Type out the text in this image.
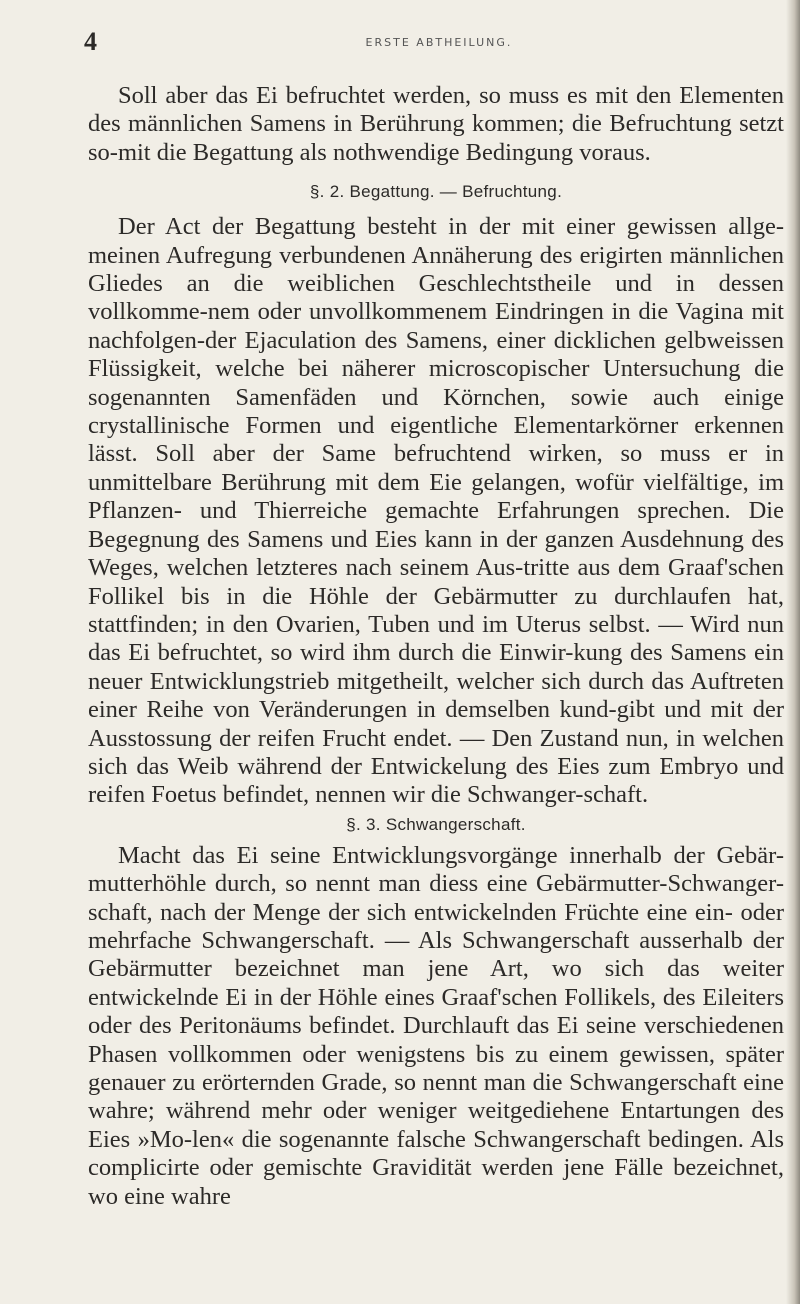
4	ERSTE ABTHEILUNG.

Soll aber das Ei befruchtet werden, so muss es mit den Elementen des männlichen Samens in Berührung kommen; die Befruchtung setzt so-mit die Begattung als nothwendige Bedingung voraus.

§. 2. Begattung. — Befruchtung.

Der Act der Begattung besteht in der mit einer gewissen allge-meinen Aufregung verbundenen Annäherung des erigirten männlichen Gliedes an die weiblichen Geschlechtstheile und in dessen vollkomme-nem oder unvollkommenem Eindringen in die Vagina mit nachfolgen-der Ejaculation des Samens, einer dicklichen gelbweissen Flüssigkeit, welche bei näherer microscopischer Untersuchung die sogenannten Samenfäden und Körnchen, sowie auch einige crystallinische Formen und eigentliche Elementarkörner erkennen lässt. Soll aber der Same befruchtend wirken, so muss er in unmittelbare Berührung mit dem Eie gelangen, wofür vielfältige, im Pflanzen- und Thierreiche gemachte Erfahrungen sprechen. Die Begegnung des Samens und Eies kann in der ganzen Ausdehnung des Weges, welchen letzteres nach seinem Aus-tritte aus dem Graaf'schen Follikel bis in die Höhle der Gebärmutter zu durchlaufen hat, stattfinden; in den Ovarien, Tuben und im Uterus selbst. — Wird nun das Ei befruchtet, so wird ihm durch die Einwir-kung des Samens ein neuer Entwicklungstrieb mitgetheilt, welcher sich durch das Auftreten einer Reihe von Veränderungen in demselben kund-gibt und mit der Ausstossung der reifen Frucht endet. — Den Zustand nun, in welchen sich das Weib während der Entwickelung des Eies zum Embryo und reifen Foetus befindet, nennen wir die Schwanger-schaft.

§. 3. Schwangerschaft.

Macht das Ei seine Entwicklungsvorgänge innerhalb der Gebär-mutterhöhle durch, so nennt man diess eine Gebärmutter-Schwanger-schaft, nach der Menge der sich entwickelnden Früchte eine ein- oder mehrfache Schwangerschaft. — Als Schwangerschaft ausserhalb der Gebärmutter bezeichnet man jene Art, wo sich das weiter entwickelnde Ei in der Höhle eines Graaf'schen Follikels, des Eileiters oder des Peritonäums befindet. Durchlauft das Ei seine verschiedenen Phasen vollkommen oder wenigstens bis zu einem gewissen, später genauer zu erörternden Grade, so nennt man die Schwangerschaft eine wahre; während mehr oder weniger weitgediehene Entartungen des Eies »Mo-len« die sogenannte falsche Schwangerschaft bedingen. Als complicirte oder gemischte Gravidität werden jene Fälle bezeichnet, wo eine wahre
